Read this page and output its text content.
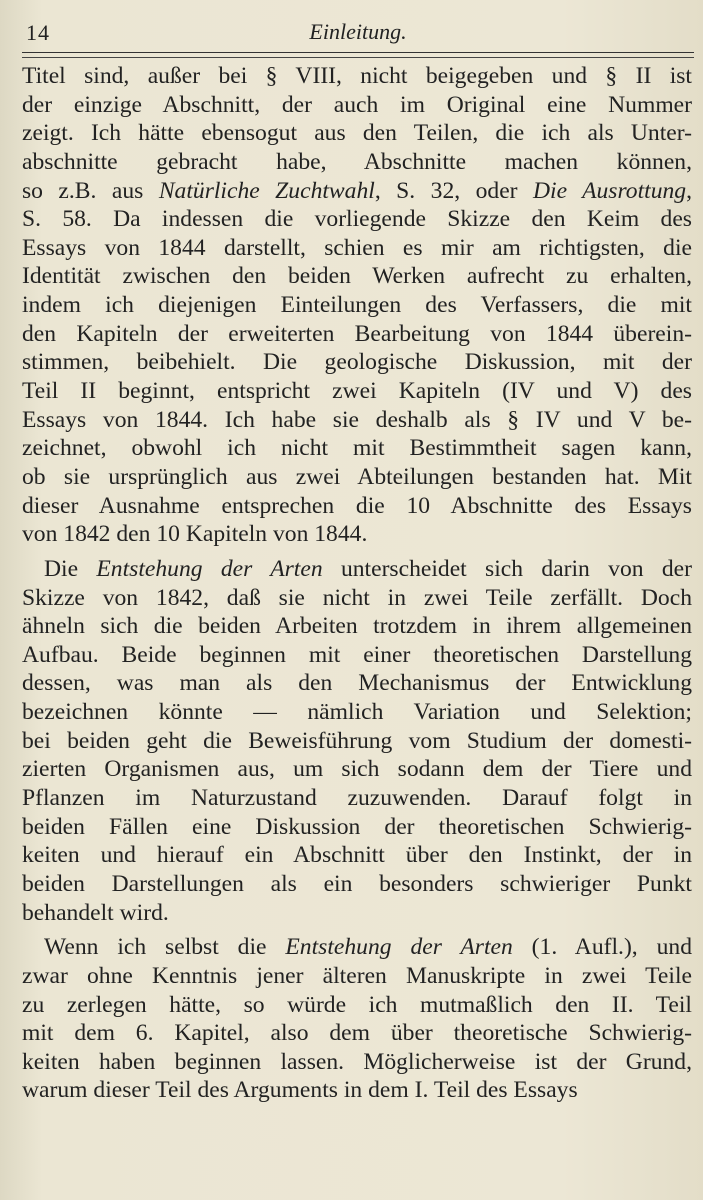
14	Einleitung.
Titel sind, außer bei § VIII, nicht beigegeben und § II ist
der einzige Abschnitt, der auch im Original eine Nummer
zeigt. Ich hätte ebensogut aus den Teilen, die ich als Unter-
abschnitte gebracht habe, Abschnitte machen können,
so z.B. aus Natürliche Zuchtwahl, S. 32, oder Die Ausrottung,
S. 58. Da indessen die vorliegende Skizze den Keim des
Essays von 1844 darstellt, schien es mir am richtigsten, die
Identität zwischen den beiden Werken aufrecht zu erhalten,
indem ich diejenigen Einteilungen des Verfassers, die mit
den Kapiteln der erweiterten Bearbeitung von 1844 überein-
stimmen, beibehielt. Die geologische Diskussion, mit der
Teil II beginnt, entspricht zwei Kapiteln (IV und V) des
Essays von 1844. Ich habe sie deshalb als § IV und V be-
zeichnet, obwohl ich nicht mit Bestimmtheit sagen kann,
ob sie ursprünglich aus zwei Abteilungen bestanden hat. Mit
dieser Ausnahme entsprechen die 10 Abschnitte des Essays
von 1842 den 10 Kapiteln von 1844.
Die Entstehung der Arten unterscheidet sich darin von der
Skizze von 1842, daß sie nicht in zwei Teile zerfällt. Doch
ähneln sich die beiden Arbeiten trotzdem in ihrem allgemeinen
Aufbau. Beide beginnen mit einer theoretischen Darstellung
dessen, was man als den Mechanismus der Entwicklung
bezeichnen könnte — nämlich Variation und Selektion;
bei beiden geht die Beweisführung vom Studium der domesti-
zierten Organismen aus, um sich sodann dem der Tiere und
Pflanzen im Naturzustand zuzuwenden. Darauf folgt in
beiden Fällen eine Diskussion der theoretischen Schwierig-
keiten und hierauf ein Abschnitt über den Instinkt, der in
beiden Darstellungen als ein besonders schwieriger Punkt
behandelt wird.
Wenn ich selbst die Entstehung der Arten (1. Aufl.), und
zwar ohne Kenntnis jener älteren Manuskripte in zwei Teile
zu zerlegen hätte, so würde ich mutmaßlich den II. Teil
mit dem 6. Kapitel, also dem über theoretische Schwierig-
keiten haben beginnen lassen. Möglicherweise ist der Grund,
warum dieser Teil des Arguments in dem I. Teil des Essays
